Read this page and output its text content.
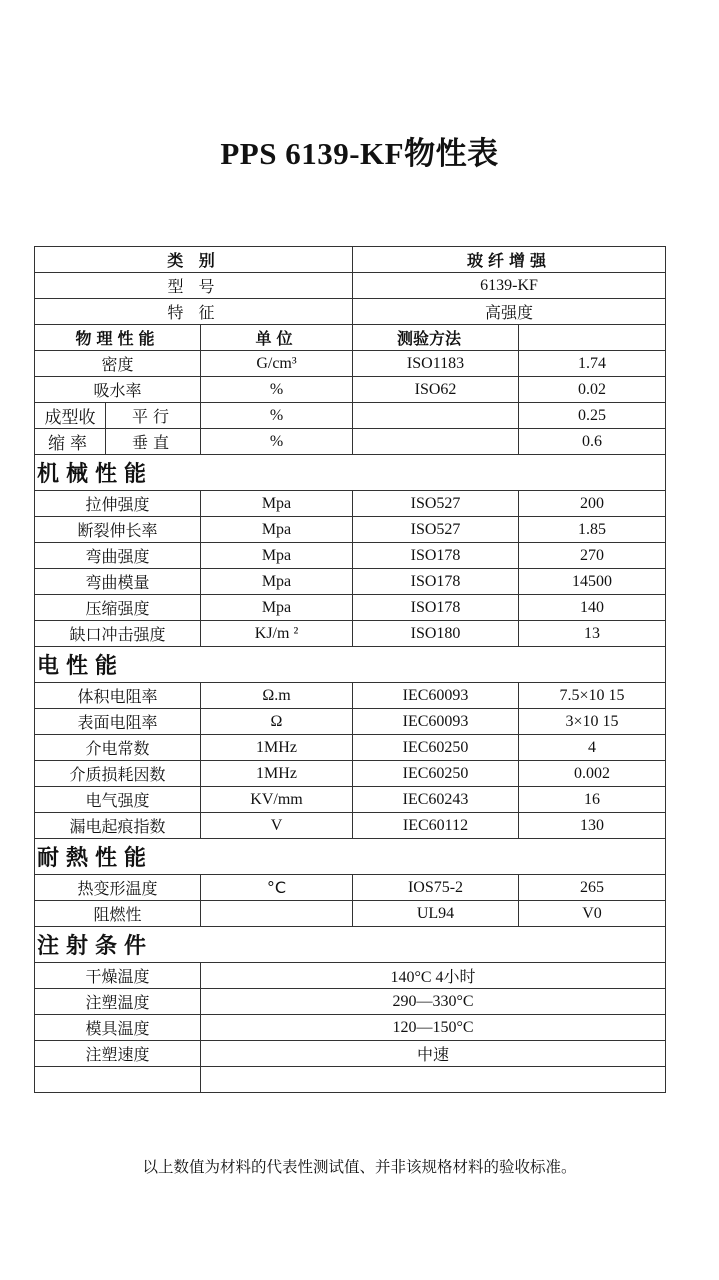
PPS 6139-KF物性表
类 别			玻纤增强	
型 号			6139-KF	
特 征			高强度	
物理性能		单位	测验方法	
密度		G/cm³	ISO1183	1.74
吸水率		%	ISO62	0.02
成型收	平行	%		0.25
缩率	垂直	%		0.6
机械性能				
拉伸强度		Mpa	ISO527	200
断裂伸长率		Mpa	ISO527	1.85
弯曲强度		Mpa	ISO178	270
弯曲模量		Mpa	ISO178	14500
压缩强度		Mpa	ISO178	140
缺口冲击强度		KJ/m ²	ISO180	13
电性能				
体积电阻率		Ω.m	IEC60093	7.5×10 15
表面电阻率		Ω	IEC60093	3×10 15
介电常数		1MHz	IEC60250	4
介质损耗因数		1MHz	IEC60250	0.002
电气强度		KV/mm	IEC60243	16
漏电起痕指数		V	IEC60112	130
耐熱性能				
热变形温度		°C	IOS75-2	265
阻燃性			UL94	V0
注射条件				
干燥温度		140°C 4小时		
注塑温度		290—330°C		
模具温度		120—150°C		
注塑速度		中速		

以上数值为材料的代表性测试值、并非该规格材料的验收标准。
